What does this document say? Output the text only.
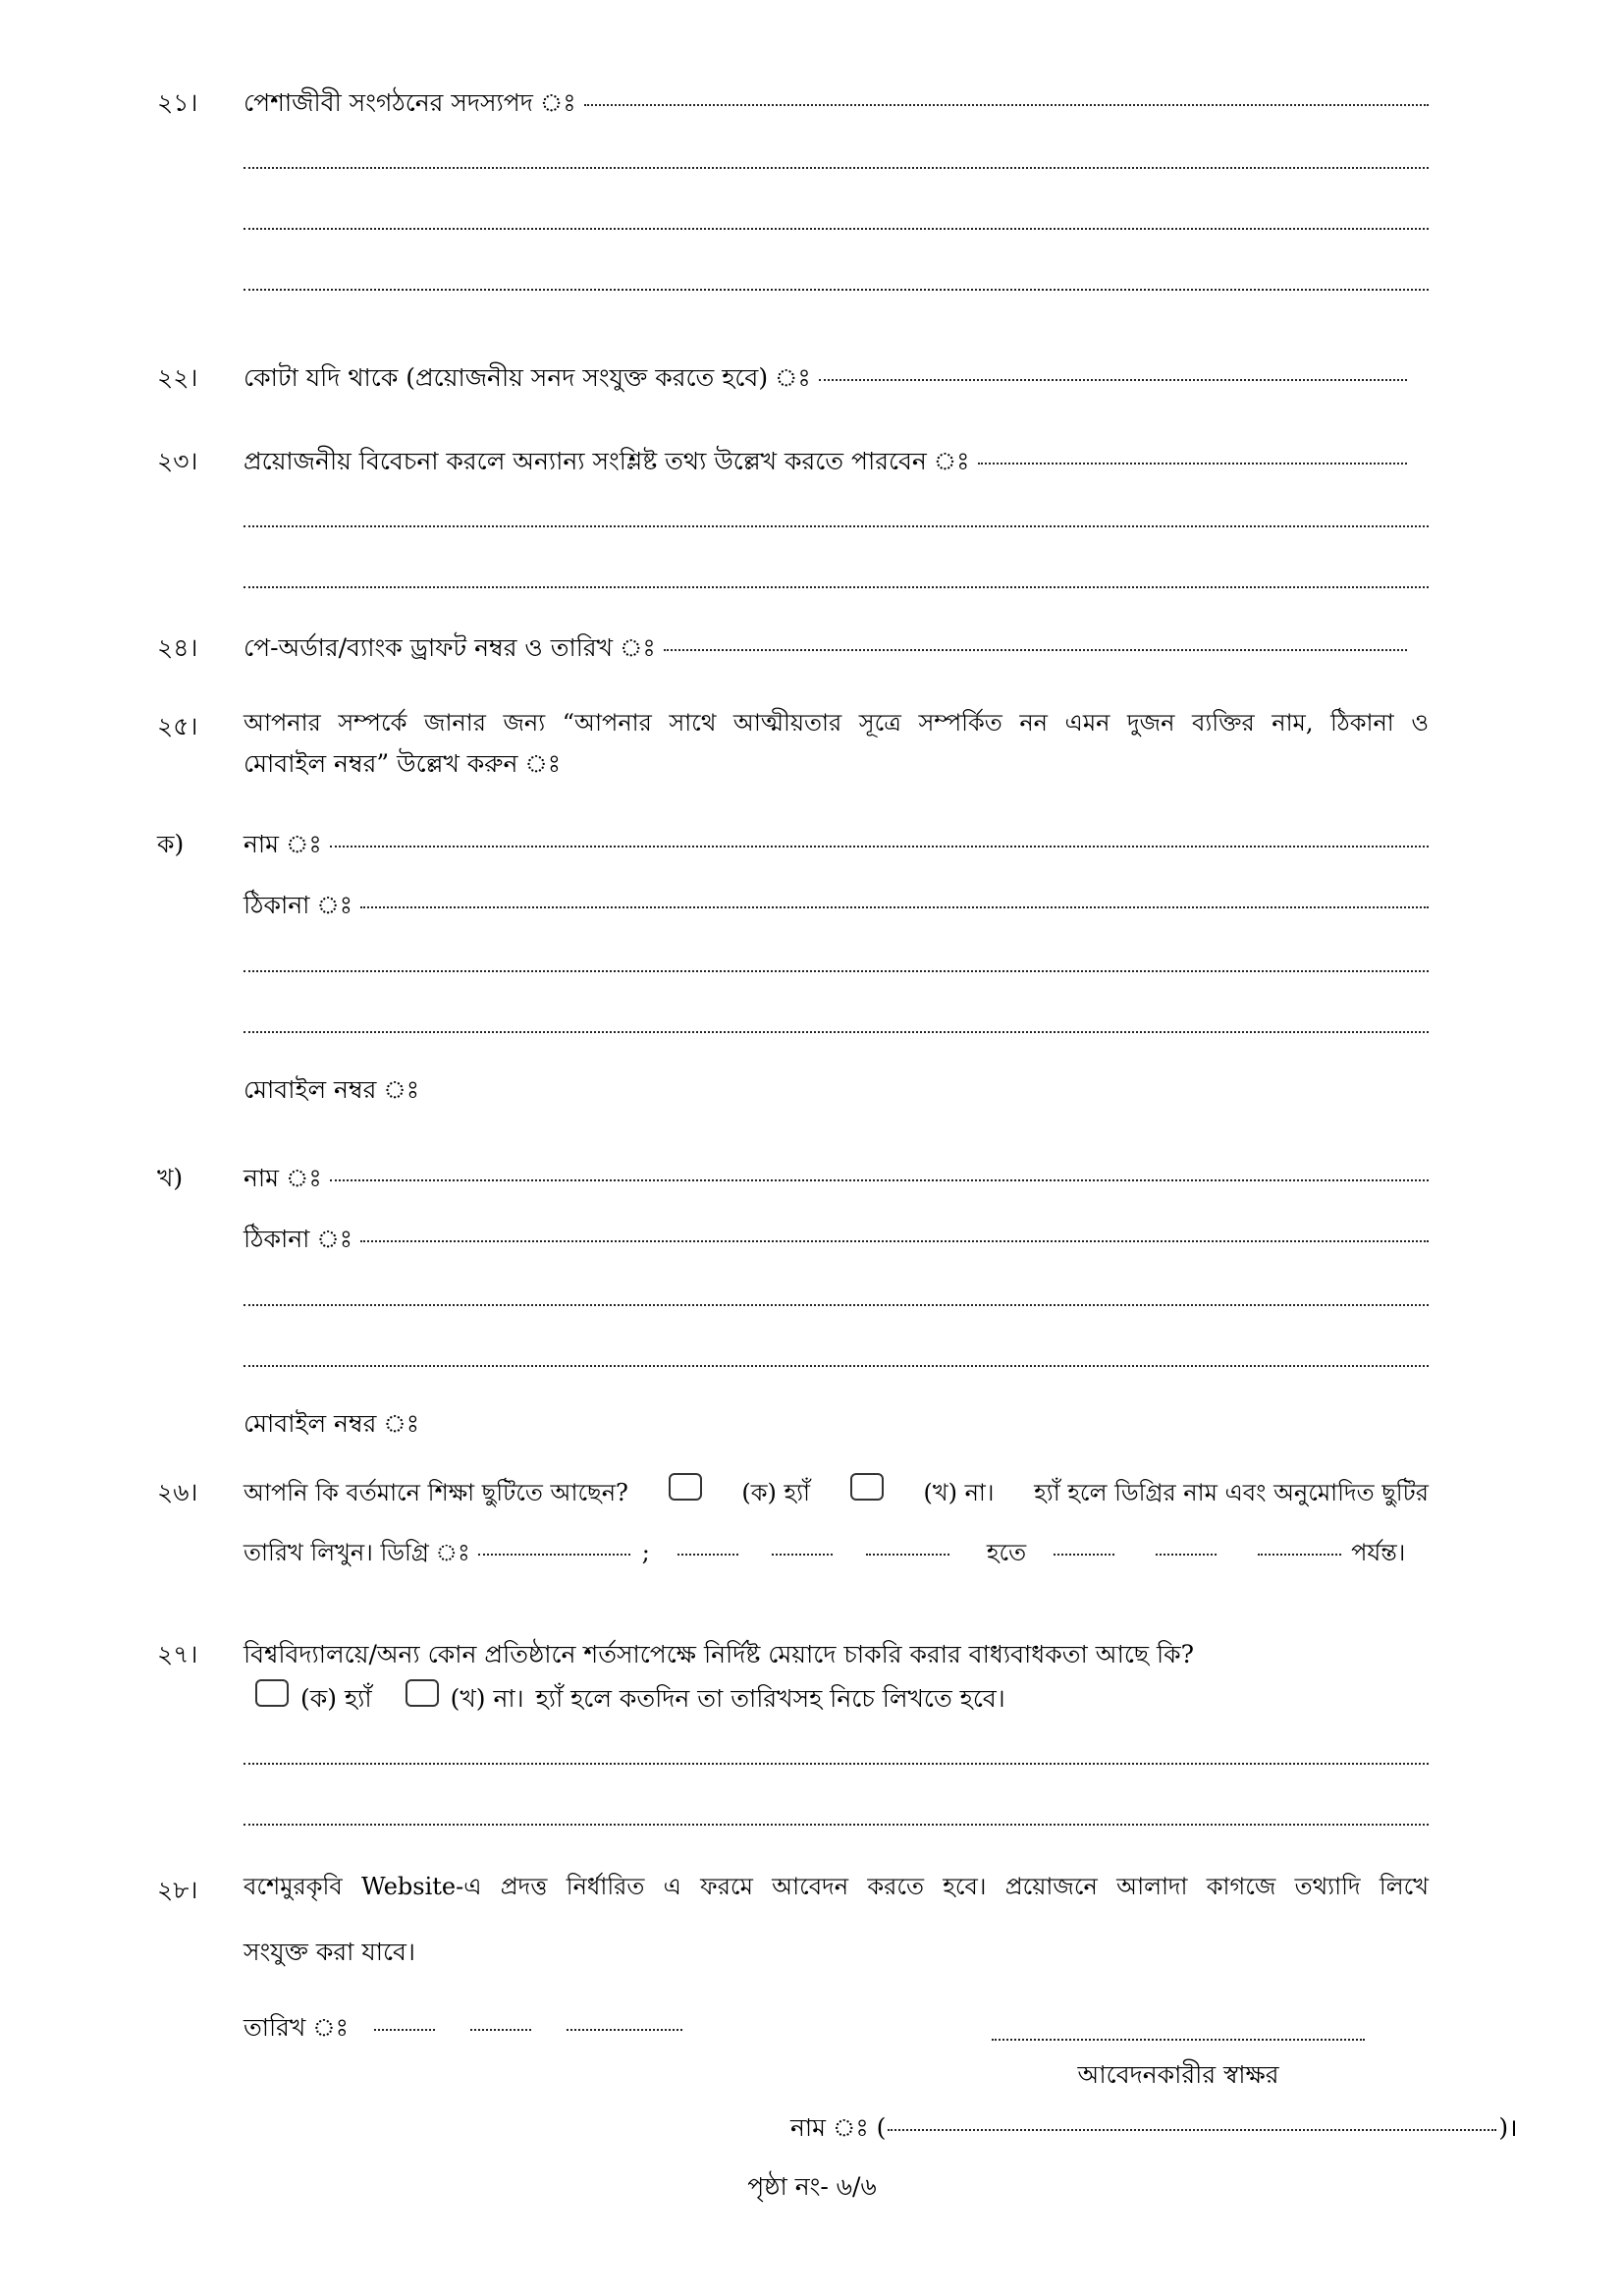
২১।	পেশাজীবী সংগঠনের সদস্যপদ ঃ
২২।	কোটা যদি থাকে (প্রয়োজনীয় সনদ সংযুক্ত করতে হবে) ঃ
২৩।	প্রয়োজনীয় বিবেচনা করলে অন্যান্য সংশ্লিষ্ট তথ্য উল্লেখ করতে পারবেন ঃ
২৪।	পে-অর্ডার/ব্যাংক ড্রাফট নম্বর ও তারিখ ঃ
২৫।	আপনার সম্পর্কে জানার জন্য “আপনার সাথে আত্মীয়তার সূত্রে সম্পর্কিত নন এমন দুজন ব্যক্তির নাম, ঠিকানা ও
মোবাইল নম্বর” উল্লেখ করুন ঃ
ক) নাম ঃ
ঠিকানা ঃ
মোবাইল নম্বর ঃ
খ) নাম ঃ
ঠিকানা ঃ
মোবাইল নম্বর ঃ
২৬।	আপনি কি বর্তমানে শিক্ষা ছুটিতে আছেন?	(ক) হ্যাঁ	(খ) না। হ্যাঁ হলে ডিগ্রির নাম এবং অনুমোদিত ছুটির
তারিখ লিখুন। ডিগ্রি ঃ	;	হতে	পর্যন্ত।
২৭।	বিশ্ববিদ্যালয়ে/অন্য কোন প্রতিষ্ঠানে শর্তসাপেক্ষে নির্দিষ্ট মেয়াদে চাকরি করার বাধ্যবাধকতা আছে কি?
(ক) হ্যাঁ	(খ) না। হ্যাঁ হলে কতদিন তা তারিখসহ নিচে লিখতে হবে।
২৮।	বশেমুরকৃবি Website-এ প্রদত্ত নির্ধারিত এ ফরমে আবেদন করতে হবে। প্রয়োজনে আলাদা কাগজে তথ্যাদি লিখে
সংযুক্ত করা যাবে।
তারিখ ঃ
আবেদনকারীর স্বাক্ষর
নাম ঃ (	)।
পৃষ্ঠা নং- ৬/৬
